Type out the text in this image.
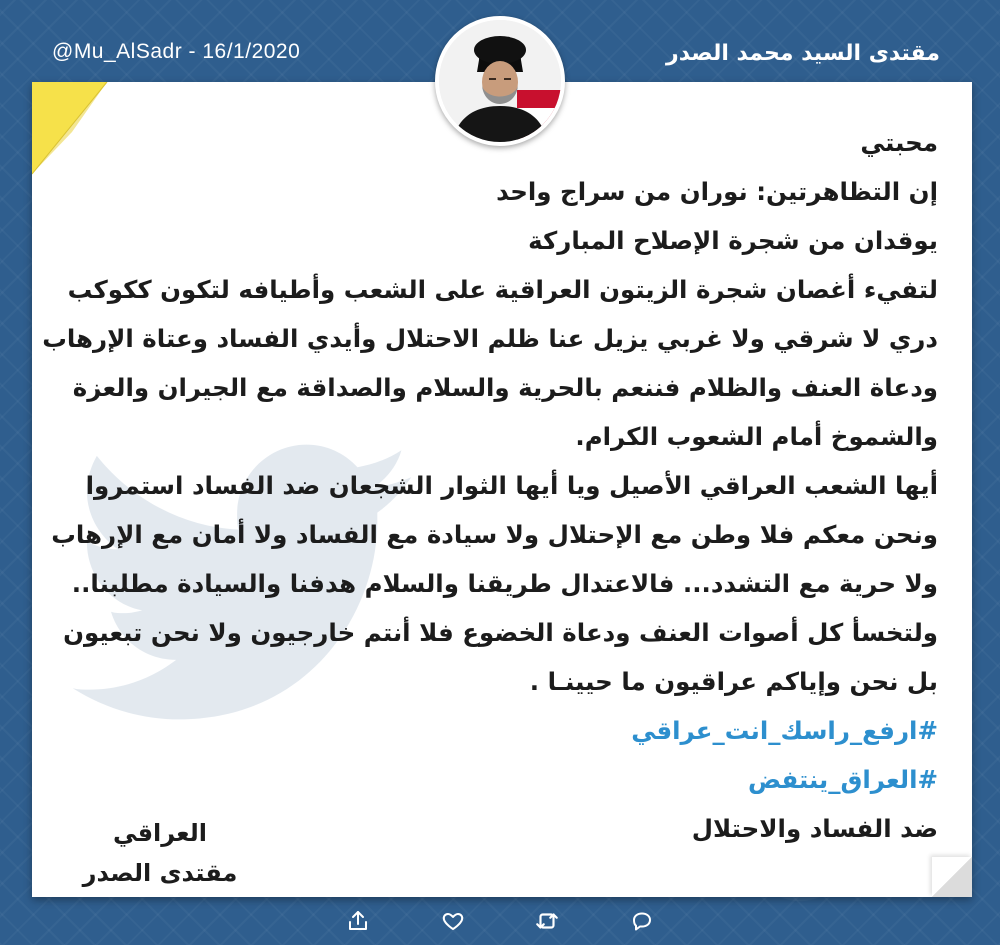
@Mu_AlSadr - 16/1/2020	مقتدى السيد محمد الصدر
محبتي
إن التظاهرتين: نوران من سراج واحد
يوقدان من شجرة الإصلاح المباركة
لتفيء أغصان شجرة الزيتون العراقية على الشعب وأطيافه لتكون ككوكب
دري لا شرقي ولا غربي يزيل عنا ظلم الاحتلال وأيدي الفساد وعتاة الإرهاب
ودعاة العنف والظلام فننعم بالحرية والسلام والصداقة مع الجيران والعزة
والشموخ أمام الشعوب الكرام.
أيها الشعب العراقي الأصيل ويا أيها الثوار الشجعان ضد الفساد استمروا
ونحن معكم فلا وطن مع الإحتلال ولا سيادة مع الفساد ولا أمان مع الإرهاب
ولا حرية مع التشدد... فالاعتدال طريقنا والسلام هدفنا والسيادة مطلبنا..
ولتخسأ كل أصوات العنف ودعاة الخضوع فلا أنتم خارجيون ولا نحن تبعيون
بل نحن وإياكم عراقيون ما حيينـا .
#ارفع_راسك_انت_عراقي
#العراق_ينتفض
ضد الفساد والاحتلال
العراقي
مقتدى الصدر
